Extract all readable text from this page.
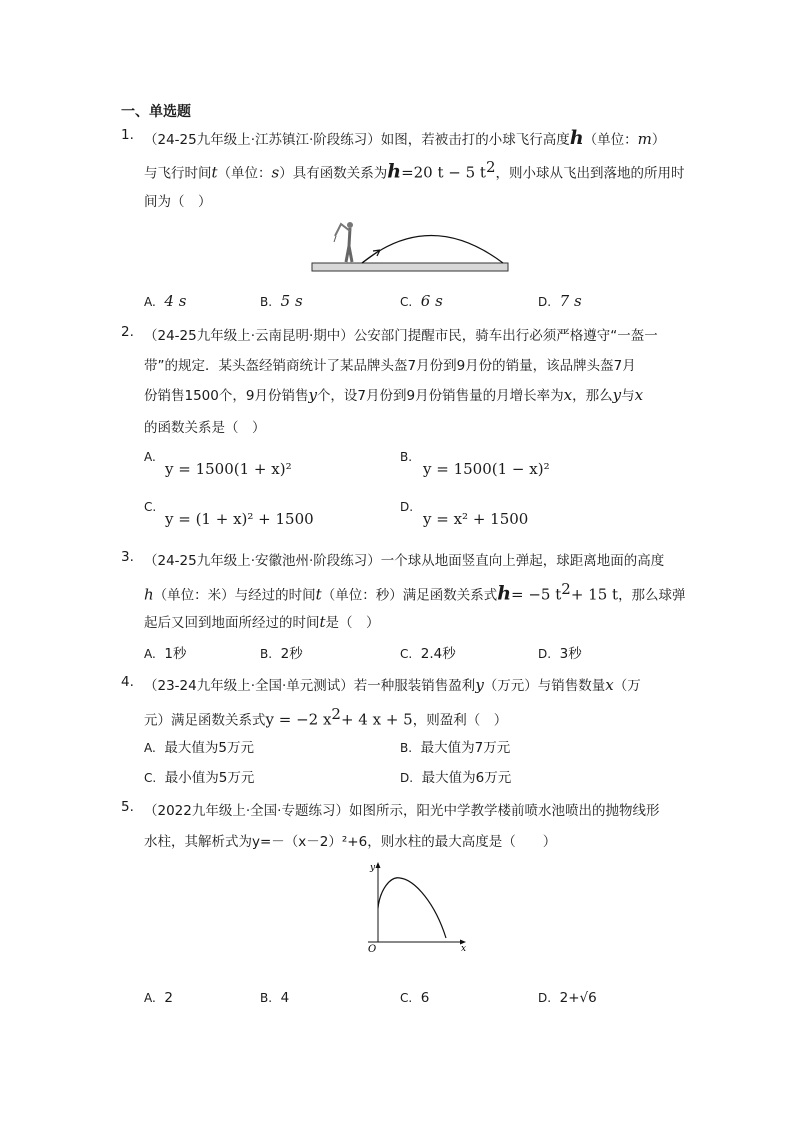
一、单选题
1. （24-25九年级上·江苏镇江·阶段练习）如图，若被击打的小球飞行高度h（单位：m）
与飞行时间t（单位：s）具有函数关系为h=20 t − 5 $t^2$，则小球从飞出到落地的所用时
间为（　）
A. 4 s	B. 5 s	C. 6 s	D. 7 s
2. （24-25九年级上·云南昆明·期中）公安部门提醒市民，骑车出行必须严格遵守“一盔一
带”的规定．某头盔经销商统计了某品牌头盔7月份到9月份的销量，该品牌头盔7月
份销售1500个，9月份销售y个，设7月份到9月份销售量的月增长率为x，那么y与x
的函数关系是（　）
A.
y = 1500(1 + x)²
B.
y = 1500(1 − x)²
C.
y = (1 + x)² + 1500
D.
y = x² + 1500
3. （24-25九年级上·安徽池州·阶段练习）一个球从地面竖直向上弹起，球距离地面的高度
h（单位：米）与经过的时间t（单位：秒）满足函数关系式h= −5 $t^2+ 15$ t，那么球弹
起后又回到地面所经过的时间t是（　）
A. 1秒	B. 2秒	C. 2.4秒	D. 3秒
4. （23-24九年级上·全国·单元测试）若一种服装销售盈利y（万元）与销售数量x（万
元）满足函数关系式y = −2 $x^2+ 4$ x + 5，则盈利（　）
A. 最大值为5万元	B. 最大值为7万元
C. 最小值为5万元	D. 最大值为6万元
5. （2022九年级上·全国·专题练习）如图所示，阳光中学教学楼前喷水池喷出的抛物线形
水柱，其解析式为y=－（x－2）²+6，则水柱的最大高度是（　　）
y
x
O
A. 2	B. 4	C. 6	D. 2+√6
